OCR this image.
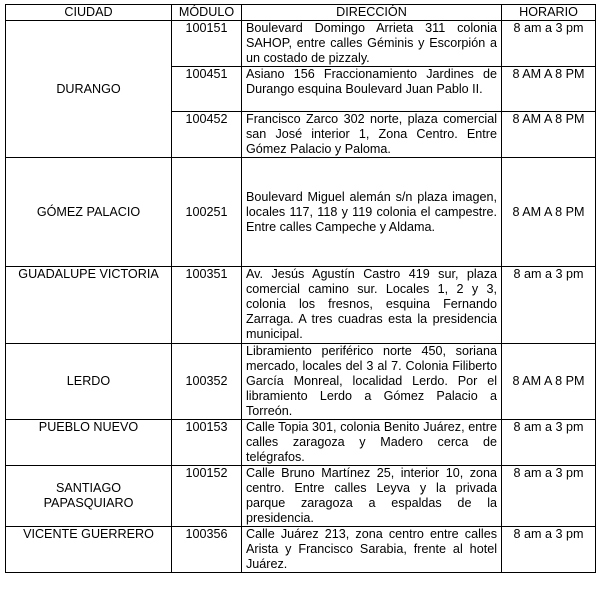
CIUDAD	MÓDULO	DIRECCIÓN	HORARIO
DURANGO	100151	Boulevard Domingo Arrieta 311 colonia SAHOP, entre calles Géminis y Escorpión a un costado de pizzaly.	8 am a 3 pm
	100451	Asiano 156 Fraccionamiento Jardines de Durango esquina Boulevard Juan Pablo II.	8 AM A 8 PM
	100452	Francisco Zarco 302 norte, plaza comercial san José interior 1, Zona Centro. Entre Gómez Palacio y Paloma.	8 AM A 8 PM
GÓMEZ PALACIO	100251	Boulevard Miguel alemán s/n plaza imagen, locales 117, 118 y 119 colonia el campestre. Entre calles Campeche y Aldama.	8 AM A 8 PM
GUADALUPE VICTORIA	100351	Av. Jesús Agustín Castro 419 sur, plaza comercial camino sur. Locales 1, 2 y 3, colonia los fresnos, esquina Fernando Zarraga. A tres cuadras esta la presidencia municipal.	8 am a 3 pm
LERDO	100352	Libramiento periférico norte 450, soriana mercado, locales del 3 al 7. Colonia Filiberto García Monreal, localidad Lerdo. Por el libramiento Lerdo a Gómez Palacio a Torreón.	8 AM A 8 PM
PUEBLO NUEVO	100153	Calle Topia 301, colonia Benito Juárez, entre calles zaragoza y Madero cerca de telégrafos.	8 am a 3 pm
SANTIAGO PAPASQUIARO	100152	Calle Bruno Martínez 25, interior 10, zona centro. Entre calles Leyva y la privada parque zaragoza a espaldas de la presidencia.	8 am a 3 pm
VICENTE GUERRERO	100356	Calle Juárez 213, zona centro entre calles Arista y Francisco Sarabia, frente al hotel Juárez.	8 am a 3 pm
